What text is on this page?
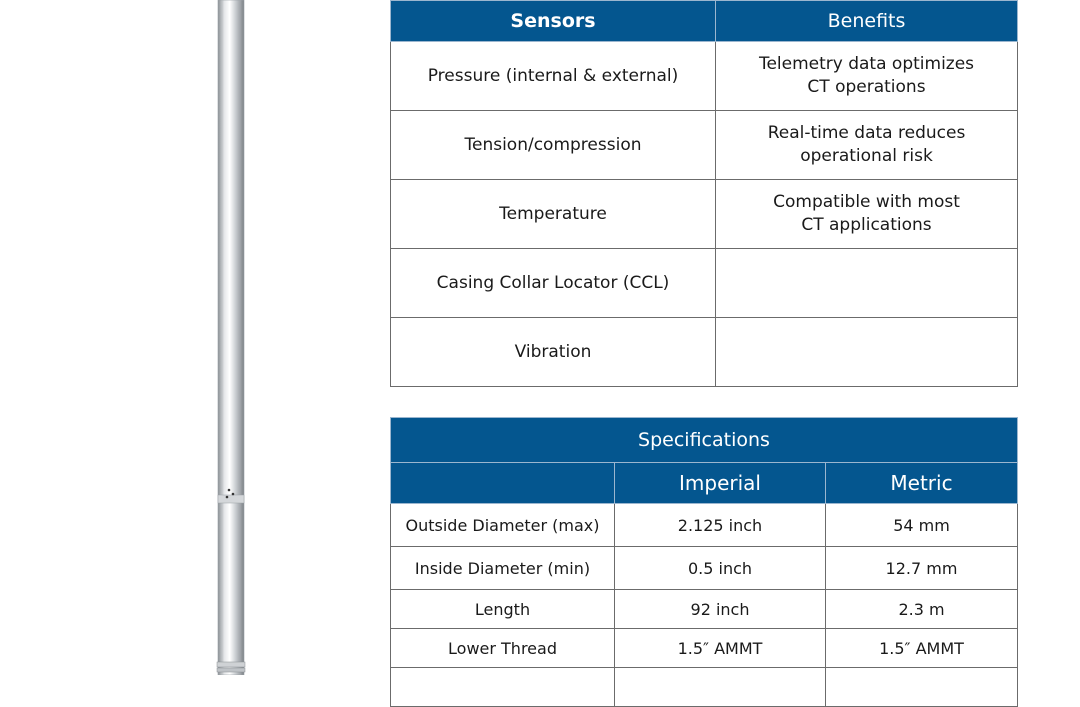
Sensors	Benefits
Pressure (internal & external)	Telemetry data optimizes
CT operations
Tension/compression	Real-time data reduces
operational risk
Temperature	Compatible with most
CT applications
Casing Collar Locator (CCL)	
Vibration	
Specifications		
	Imperial	Metric
Outside Diameter (max)	2.125 inch	54 mm
Inside Diameter (min)	0.5 inch	12.7 mm
Length	92 inch	2.3 m
Lower Thread	1.5″ AMMT	1.5″ AMMT
